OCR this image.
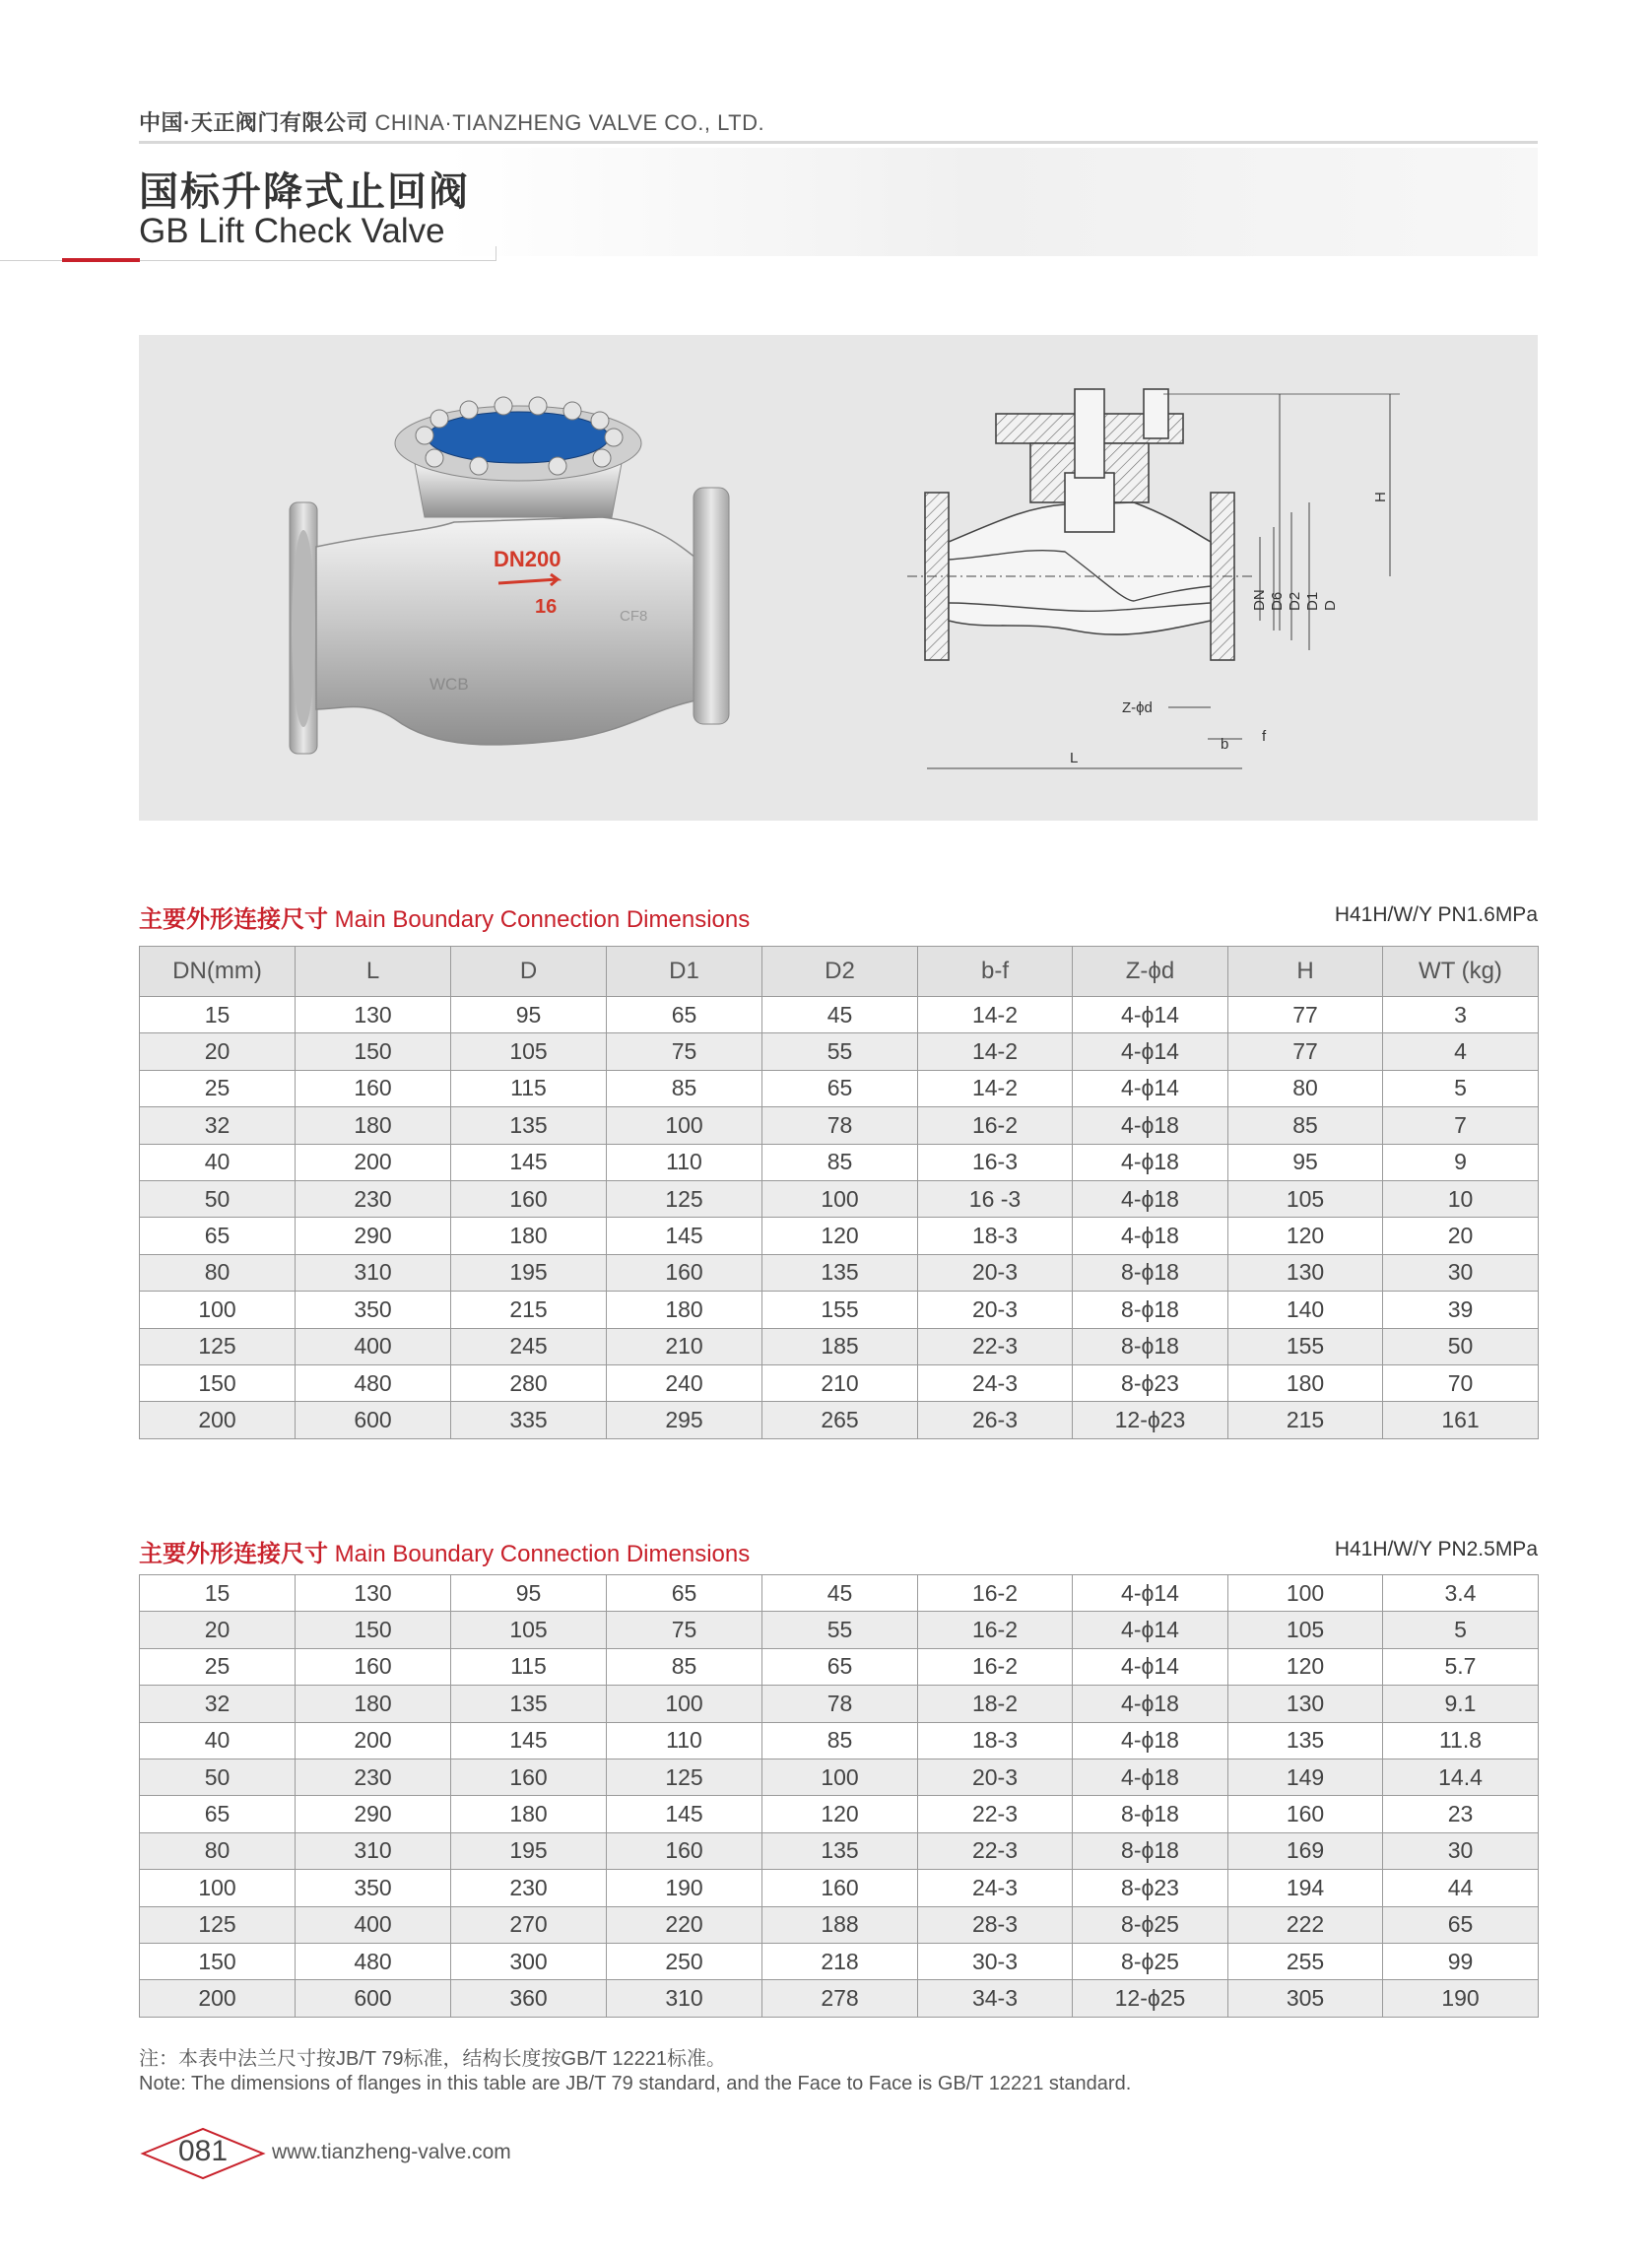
中国·天正阀门有限公司 CHINA·TIANZHENG VALVE CO., LTD.
国标升降式止回阀
GB Lift Check Valve
DN200
16
WCB
CF8
H
DN D6 D2 D1 D
Z-ϕd
b f
L
主要外形连接尺寸 Main Boundary Connection Dimensions	H41H/W/Y PN1.6MPa
DN(mm)	L	D	D1	D2	b-f	Z-ϕd	H	WT (kg)
15	130	95	65	45	14-2	4-ϕ14	77	3
20	150	105	75	55	14-2	4-ϕ14	77	4
25	160	115	85	65	14-2	4-ϕ14	80	5
32	180	135	100	78	16-2	4-ϕ18	85	7
40	200	145	110	85	16-3	4-ϕ18	95	9
50	230	160	125	100	16 -3	4-ϕ18	105	10
65	290	180	145	120	18-3	4-ϕ18	120	20
80	310	195	160	135	20-3	8-ϕ18	130	30
100	350	215	180	155	20-3	8-ϕ18	140	39
125	400	245	210	185	22-3	8-ϕ18	155	50
150	480	280	240	210	24-3	8-ϕ23	180	70
200	600	335	295	265	26-3	12-ϕ23	215	161
主要外形连接尺寸 Main Boundary Connection Dimensions	H41H/W/Y PN2.5MPa
15	130	95	65	45	16-2	4-ϕ14	100	3.4
20	150	105	75	55	16-2	4-ϕ14	105	5
25	160	115	85	65	16-2	4-ϕ14	120	5.7
32	180	135	100	78	18-2	4-ϕ18	130	9.1
40	200	145	110	85	18-3	4-ϕ18	135	11.8
50	230	160	125	100	20-3	4-ϕ18	149	14.4
65	290	180	145	120	22-3	8-ϕ18	160	23
80	310	195	160	135	22-3	8-ϕ18	169	30
100	350	230	190	160	24-3	8-ϕ23	194	44
125	400	270	220	188	28-3	8-ϕ25	222	65
150	480	300	250	218	30-3	8-ϕ25	255	99
200	600	360	310	278	34-3	12-ϕ25	305	190
注：本表中法兰尺寸按JB/T 79标准，结构长度按GB/T 12221标准。
Note: The dimensions of flanges in this table are JB/T 79 standard, and the Face to Face is GB/T 12221 standard.
081	www.tianzheng-valve.com
